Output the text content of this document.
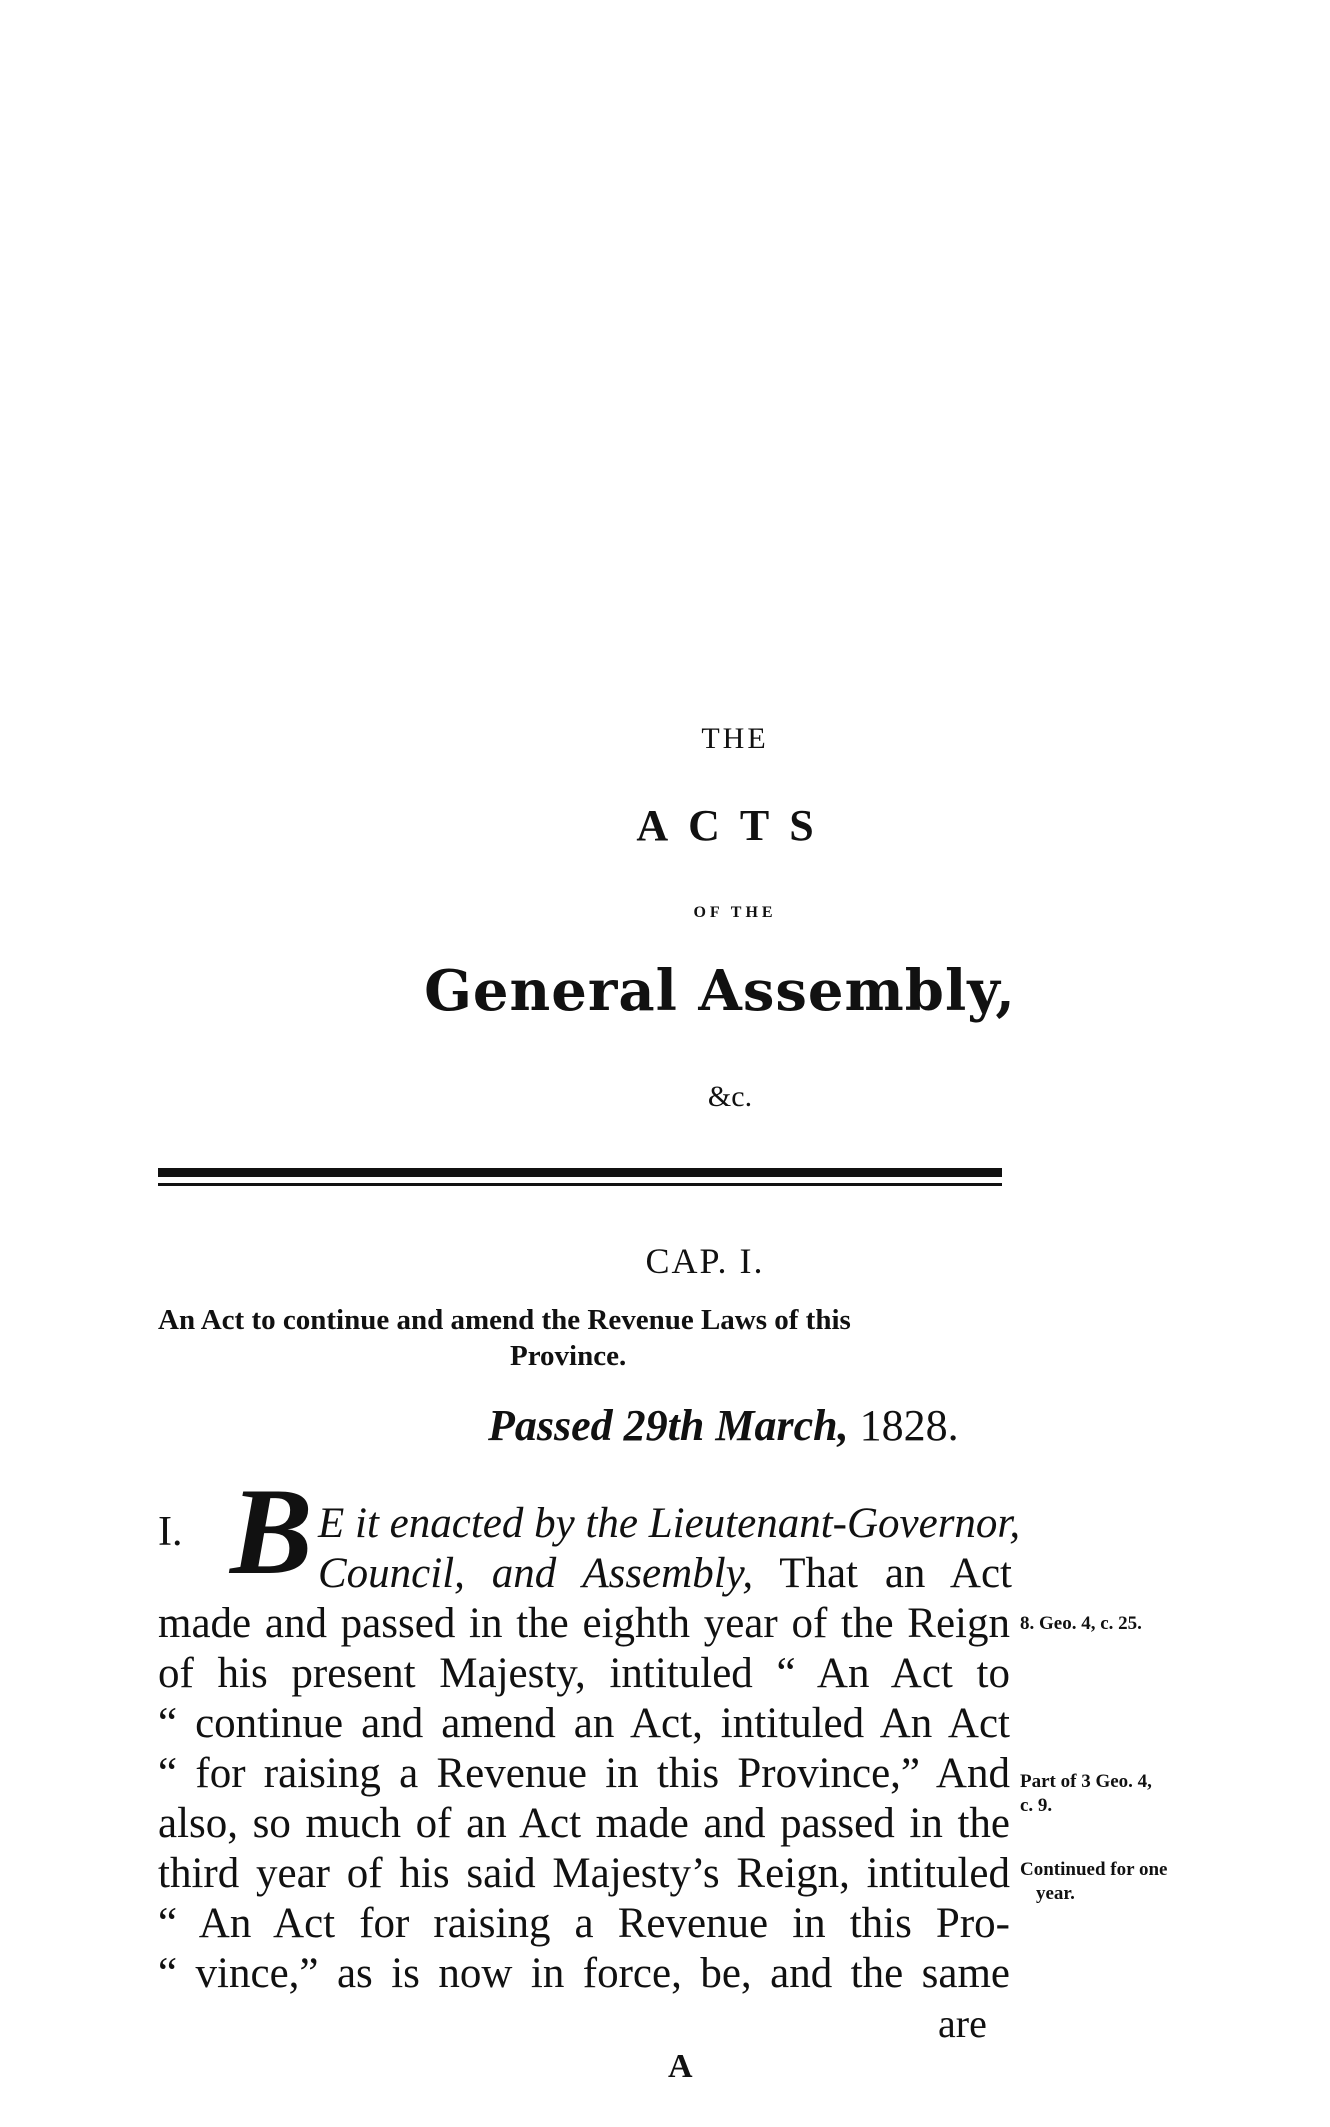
THE
ACTS
OF THE
General Assembly,
&c.
CAP. I.
An Act to continue and amend the Revenue Laws of this
Province.
Passed 29th March, 1828.
I. B E it enacted by the Lieutenant-Governor,
Council, and Assembly, That an Act
made and passed in the eighth year of the Reign
of his present Majesty, intituled “ An Act to
“ continue and amend an Act, intituled An Act
“ for raising a Revenue in this Province,” And
also, so much of an Act made and passed in the
third year of his said Majesty’s Reign, intituled
“ An Act for raising a Revenue in this Pro-
“ vince,” as is now in force, be, and the same
8. Geo. 4, c. 25.
Part of 3 Geo. 4,
c. 9.
Continued for one
year.
are
A
